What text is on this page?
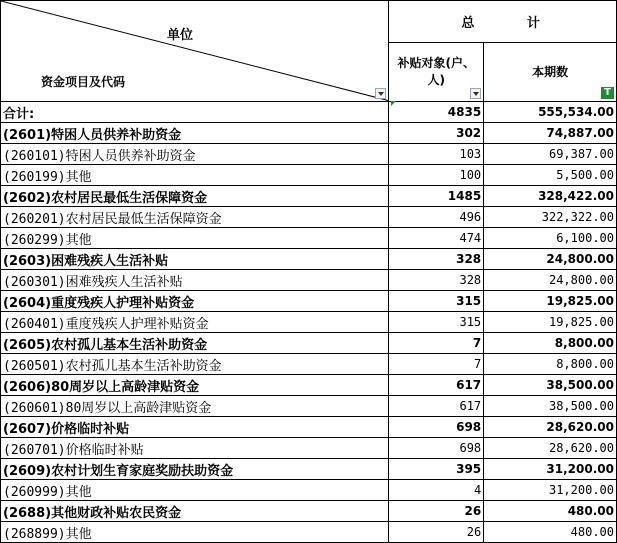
单位
资金项目及代码	总 计	
	补贴对象(户、人)	本期数
T

合计:	4835	555,534.00
(2601)特困人员供养补助资金	302	74,887.00
(260101)特困人员供养补助资金	103	69,387.00
(260199)其他	100	5,500.00
(2602)农村居民最低生活保障资金	1485	328,422.00
(260201)农村居民最低生活保障资金	496	322,322.00
(260299)其他	474	6,100.00
(2603)困难残疾人生活补贴	328	24,800.00
(260301)困难残疾人生活补贴	328	24,800.00
(2604)重度残疾人护理补贴资金	315	19,825.00
(260401)重度残疾人护理补贴资金	315	19,825.00
(2605)农村孤儿基本生活补助资金	7	8,800.00
(260501)农村孤儿基本生活补助资金	7	8,800.00
(2606)80周岁以上高龄津贴资金	617	38,500.00
(260601)80周岁以上高龄津贴资金	617	38,500.00
(2607)价格临时补贴	698	28,620.00
(260701)价格临时补贴	698	28,620.00
(2609)农村计划生育家庭奖励扶助资金	395	31,200.00
(260999)其他	4	31,200.00
(2688)其他财政补贴农民资金	26	480.00
(268899)其他	26	480.00
